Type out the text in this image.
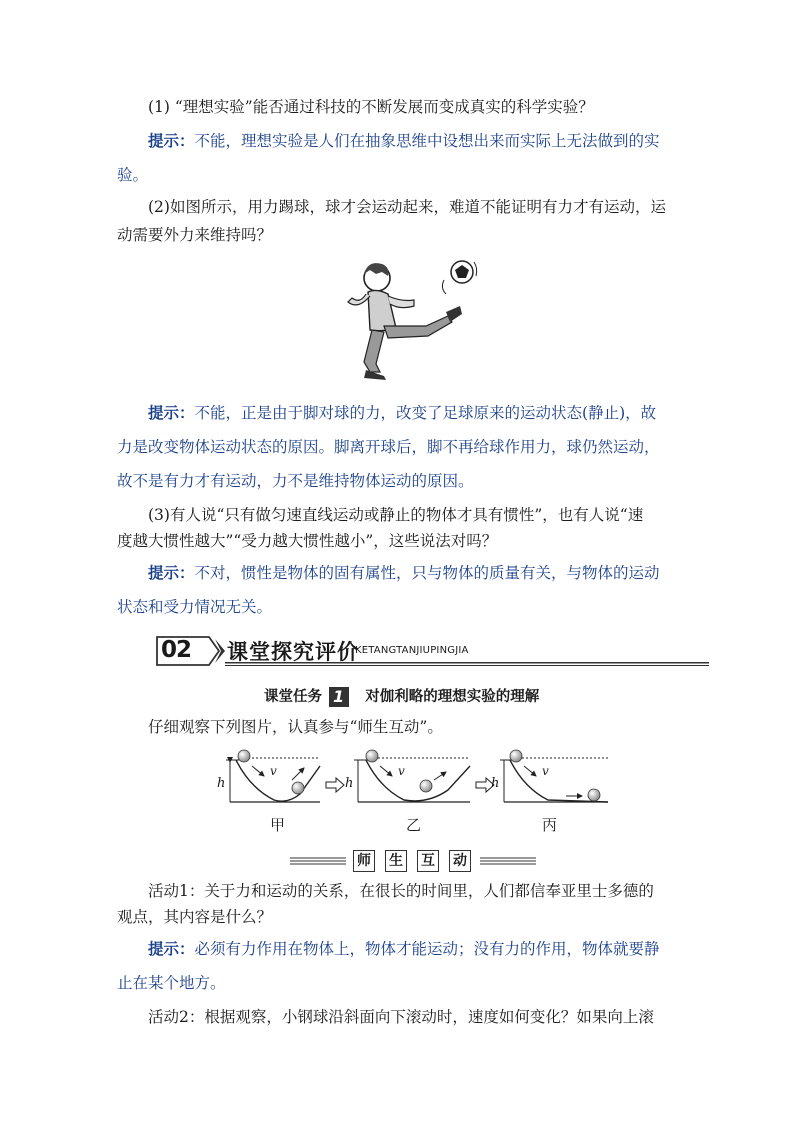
(1) “理想实验”能否通过科技的不断发展而变成真实的科学实验？
提示：不能，理想实验是人们在抽象思维中设想出来而实际上无法做到的实
验。
(2)如图所示，用力踢球，球才会运动起来，难道不能证明有力才有运动，运
动需要外力来维持吗？
提示：不能，正是由于脚对球的力，改变了足球原来的运动状态(静止)，故
力是改变物体运动状态的原因。脚离开球后，脚不再给球作用力，球仍然运动，
故不是有力才有运动，力不是维持物体运动的原因。
(3)有人说“只有做匀速直线运动或静止的物体才具有惯性”，也有人说“速
度越大惯性越大”“受力越大惯性越小”，这些说法对吗？
提示：不对，惯性是物体的固有属性，只与物体的质量有关，与物体的运动
状态和受力情况无关。
02 课堂探究评价
KETANGTANJIUPINGJIA
课堂任务 1 对伽利略的理想实验的理解
仔细观察下列图片，认真参与“师生互动”。
h	h	h
v	v	v
甲	乙	丙
师 生 互 动
活动1：关于力和运动的关系，在很长的时间里，人们都信奉亚里士多德的
观点，其内容是什么？
提示：必须有力作用在物体上，物体才能运动；没有力的作用，物体就要静
止在某个地方。
活动2：根据观察，小钢球沿斜面向下滚动时，速度如何变化？如果向上滚
